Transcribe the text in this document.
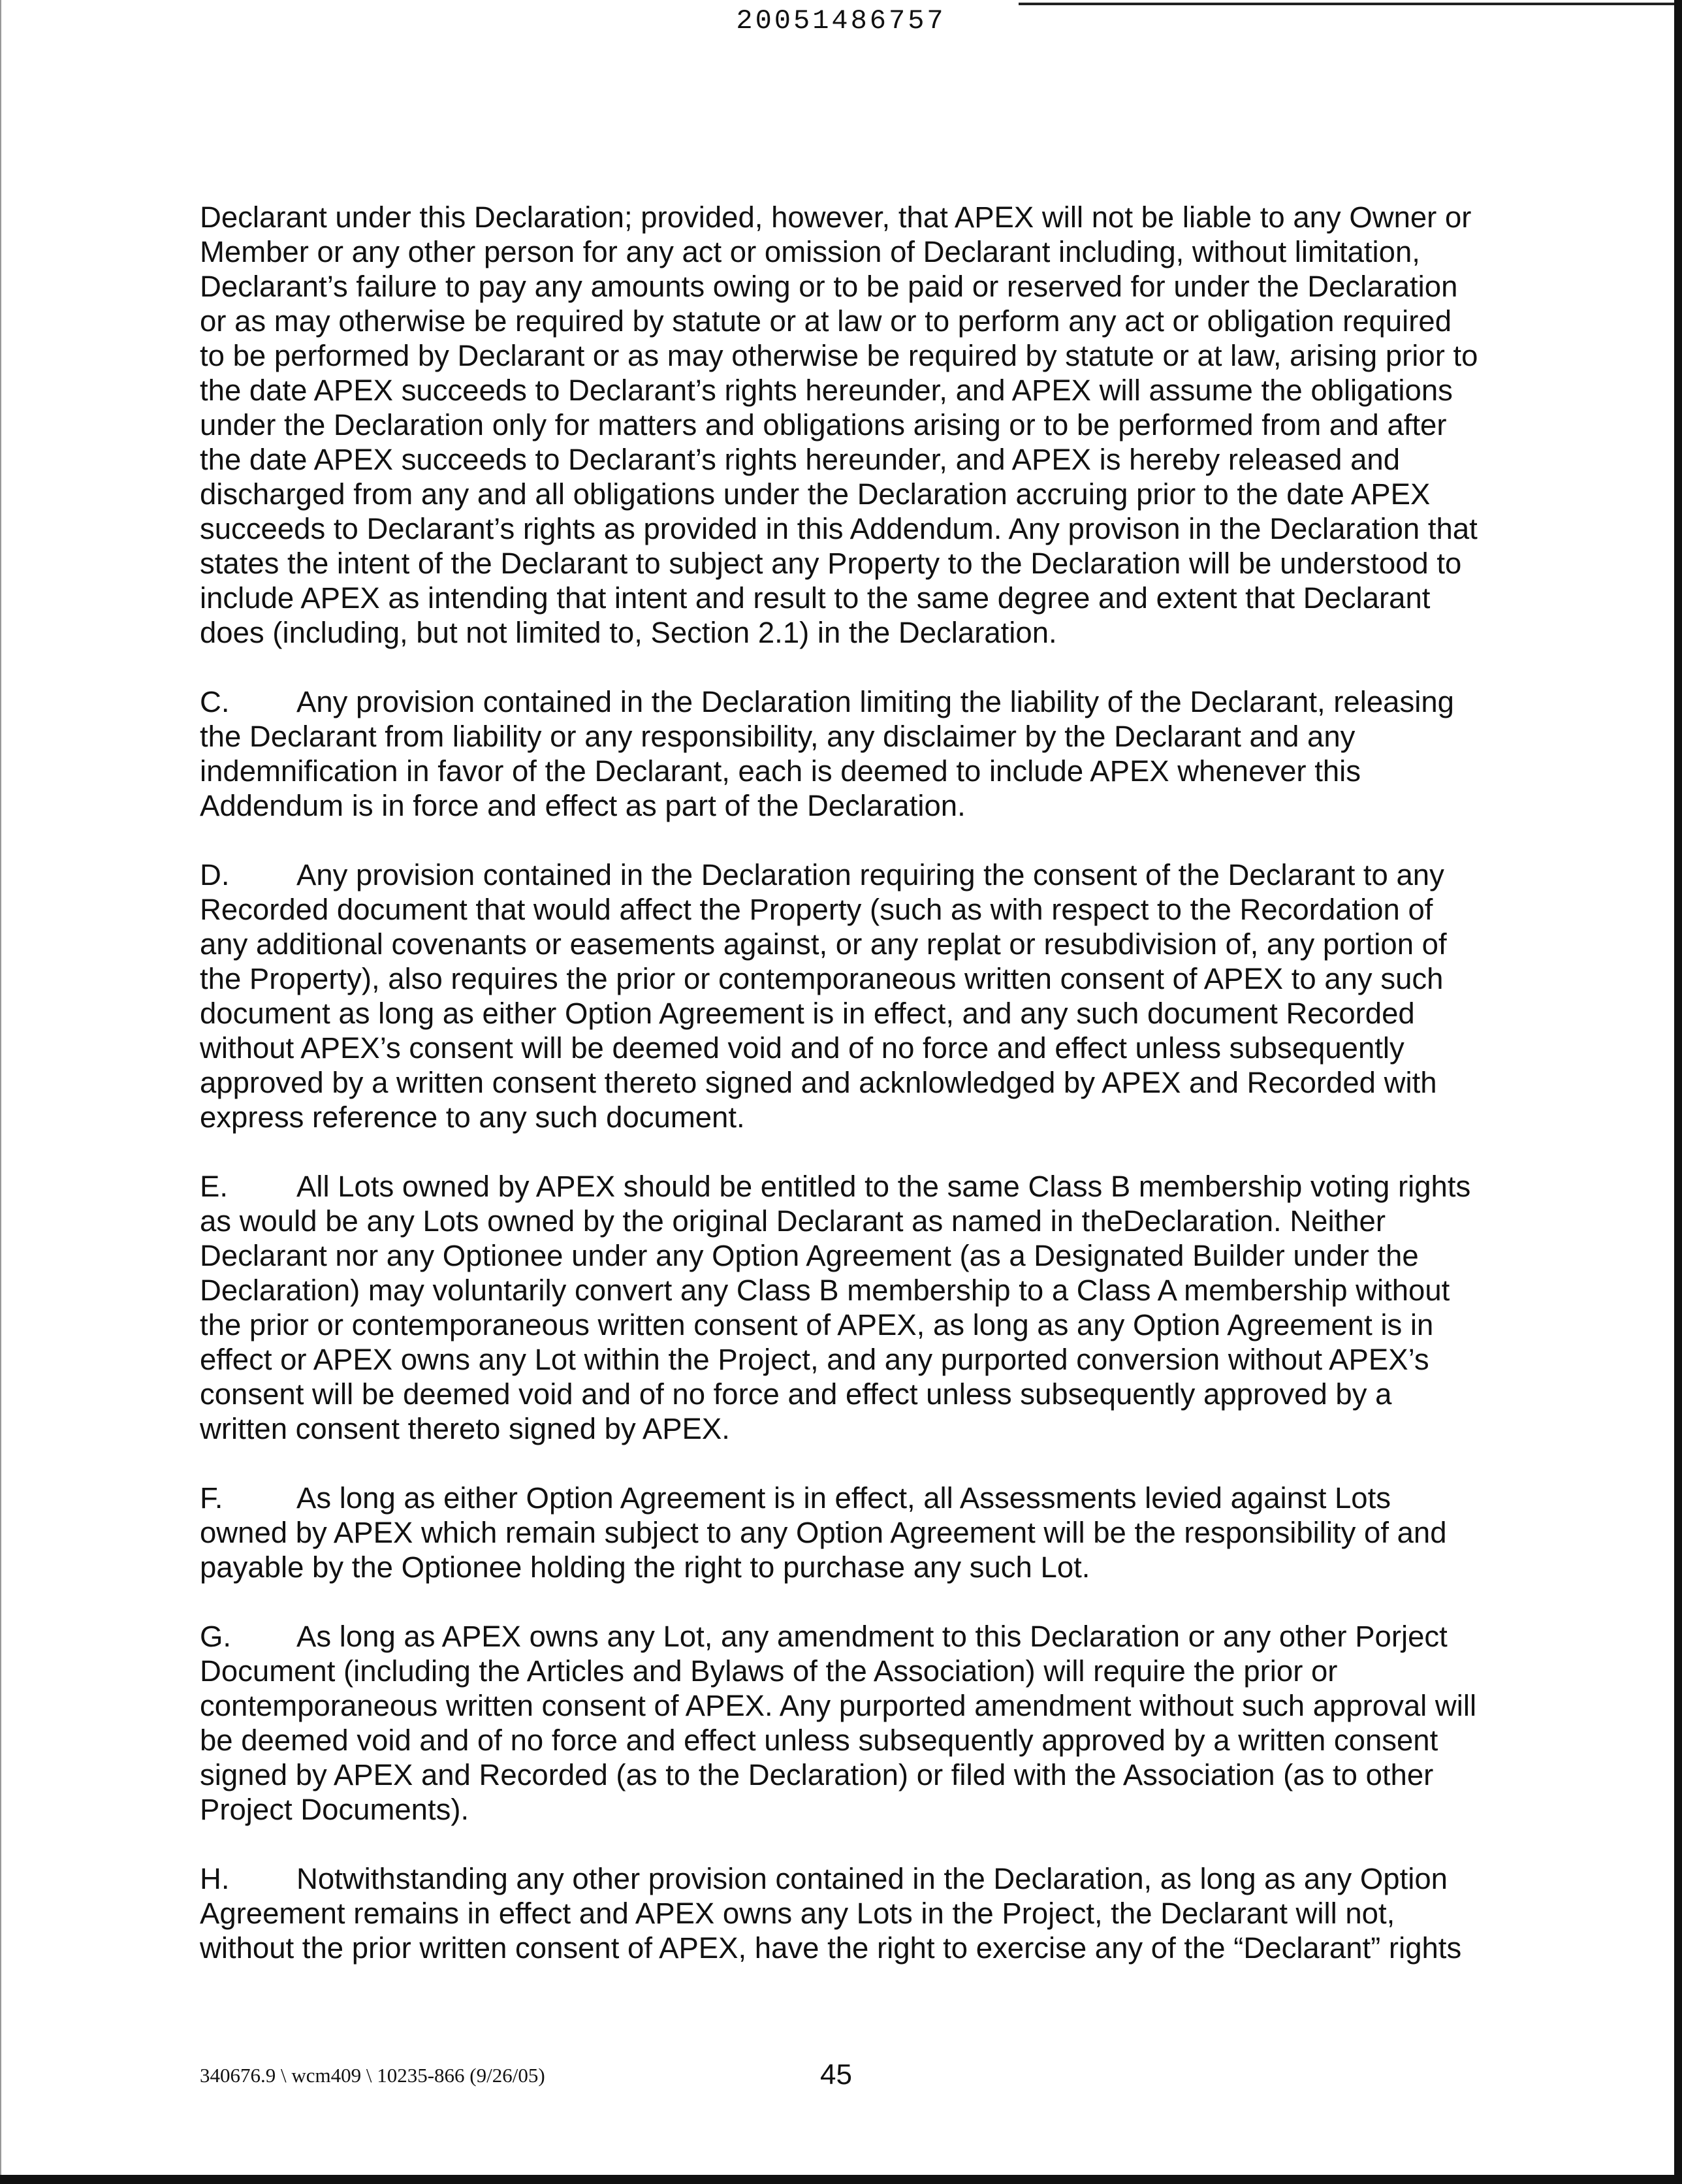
20051486757

Declarant under this Declaration; provided, however, that APEX will not be liable to any Owner or Member or any other person for any act or omission of Declarant including, without limitation, Declarant’s failure to pay any amounts owing or to be paid or reserved for under the Declaration or as may otherwise be required by statute or at law or to perform any act or obligation required to be performed by Declarant or as may otherwise be required by statute or at law, arising prior to the date APEX succeeds to Declarant’s rights hereunder, and APEX will assume the obligations under the Declaration only for matters and obligations arising or to be performed from and after the date APEX succeeds to Declarant’s rights hereunder, and APEX is hereby released and discharged from any and all obligations under the Declaration accruing prior to the date APEX succeeds to Declarant’s rights as provided in this Addendum. Any provison in the Declaration that states the intent of the Declarant to subject any Property to the Declaration will be understood to include APEX as intending that intent and result to the same degree and extent that Declarant does (including, but not limited to, Section 2.1) in the Declaration.

C. Any provision contained in the Declaration limiting the liability of the Declarant, releasing the Declarant from liability or any responsibility, any disclaimer by the Declarant and any indemnification in favor of the Declarant, each is deemed to include APEX whenever this Addendum is in force and effect as part of the Declaration.

D. Any provision contained in the Declaration requiring the consent of the Declarant to any Recorded document that would affect the Property (such as with respect to the Recordation of any additional covenants or easements against, or any replat or resubdivision of, any portion of the Property), also requires the prior or contemporaneous written consent of APEX to any such document as long as either Option Agreement is in effect, and any such document Recorded without APEX’s consent will be deemed void and of no force and effect unless subsequently approved by a written consent thereto signed and acknlowledged by APEX and Recorded with express reference to any such document.

E. All Lots owned by APEX should be entitled to the same Class B membership voting rights as would be any Lots owned by the original Declarant as named in theDeclaration. Neither Declarant nor any Optionee under any Option Agreement (as a Designated Builder under the Declaration) may voluntarily convert any Class B membership to a Class A membership without the prior or contemporaneous written consent of APEX, as long as any Option Agreement is in effect or APEX owns any Lot within the Project, and any purported conversion without APEX’s consent will be deemed void and of no force and effect unless subsequently approved by a written consent thereto signed by APEX.

F. As long as either Option Agreement is in effect, all Assessments levied against Lots owned by APEX which remain subject to any Option Agreement will be the responsibility of and payable by the Optionee holding the right to purchase any such Lot.

G. As long as APEX owns any Lot, any amendment to this Declaration or any other Porject Document (including the Articles and Bylaws of the Association) will require the prior or contemporaneous written consent of APEX. Any purported amendment without such approval will be deemed void and of no force and effect unless subsequently approved by a written consent signed by APEX and Recorded (as to the Declaration) or filed with the Association (as to other Project Documents).

H. Notwithstanding any other provision contained in the Declaration, as long as any Option Agreement remains in effect and APEX owns any Lots in the Project, the Declarant will not, without the prior written consent of APEX, have the right to exercise any of the “Declarant” rights

340676.9 \ wcm409 \ 10235-866 (9/26/05)	45
